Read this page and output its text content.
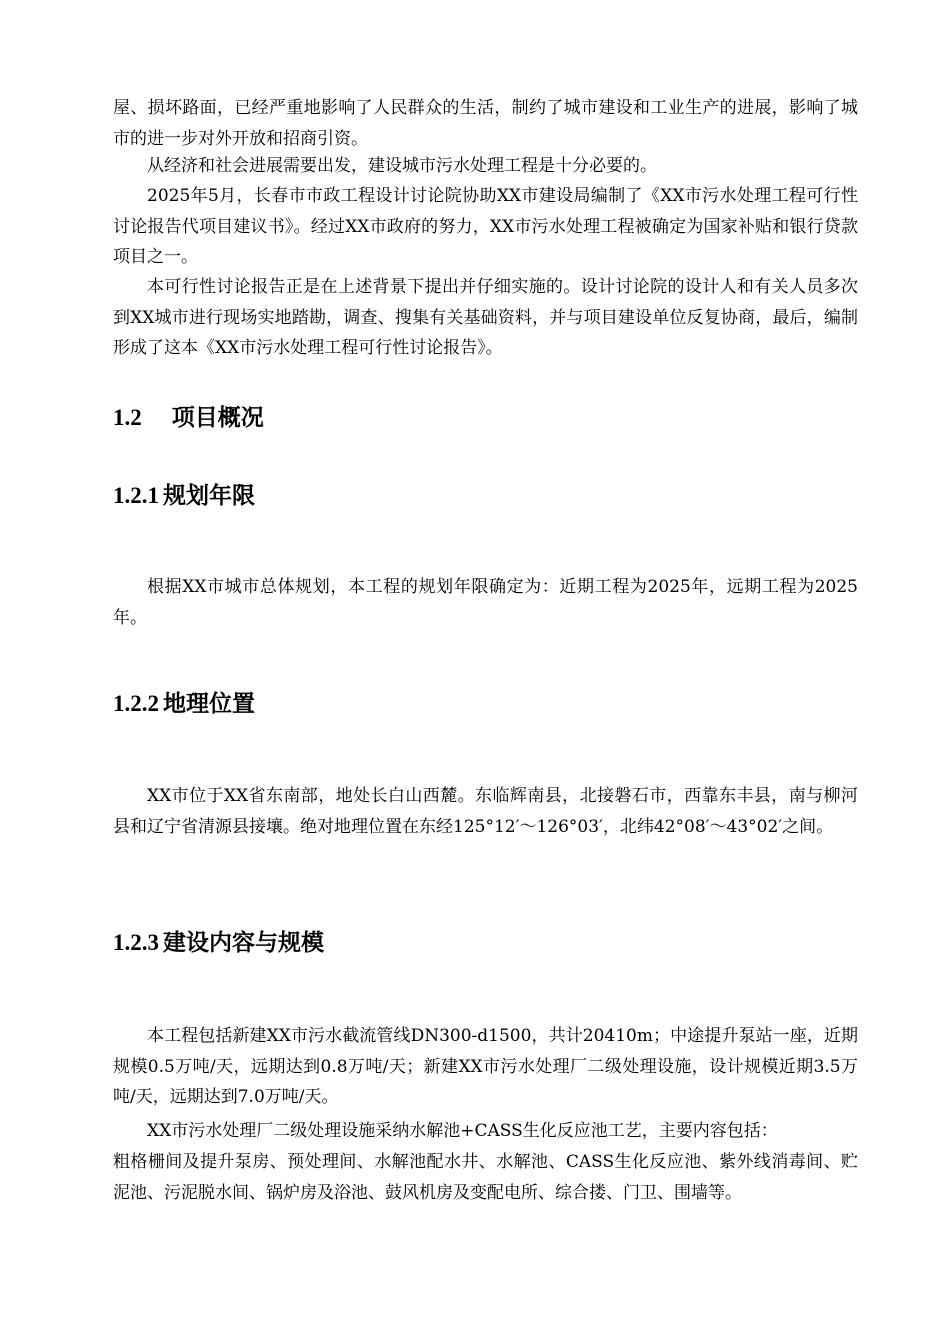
屋、损坏路面，已经严重地影响了人民群众的生活，制约了城市建设和工业生产的进展，影响了城市的进一步对外开放和招商引资。

从经济和社会进展需要出发，建设城市污水处理工程是十分必要的。

2025年5月，长春市市政工程设计讨论院协助XX市建设局编制了《XX市污水处理工程可行性讨论报告代项目建议书》。经过XX市政府的努力，XX市污水处理工程被确定为国家补贴和银行贷款项目之一。

本可行性讨论报告正是在上述背景下提出并仔细实施的。设计讨论院的设计人和有关人员多次到XX城市进行现场实地踏勘，调查、搜集有关基础资料，并与项目建设单位反复协商，最后，编制形成了这本《XX市污水处理工程可行性讨论报告》。

1.2 项目概况
1.2.1 规划年限

根据XX市城市总体规划，本工程的规划年限确定为：近期工程为2025年，远期工程为2025年。

1.2.2 地理位置

XX市位于XX省东南部，地处长白山西麓。东临辉南县，北接磐石市，西靠东丰县，南与柳河县和辽宁省清源县接壤。绝对地理位置在东经125°12′～126°03′，北纬42°08′～43°02′之间。

1.2.3 建设内容与规模

本工程包括新建XX市污水截流管线DN300-d1500，共计20410m；中途提升泵站一座，近期规模0.5万吨/天，远期达到0.8万吨/天；新建XX市污水处理厂二级处理设施，设计规模近期3.5万吨/天，远期达到7.0万吨/天。

XX市污水处理厂二级处理设施采纳水解池+CASS生化反应池工艺，主要内容包括：

粗格栅间及提升泵房、预处理间、水解池配水井、水解池、CASS生化反应池、紫外线消毒间、贮泥池、污泥脱水间、锅炉房及浴池、鼓风机房及变配电所、综合搂、门卫、围墙等。
